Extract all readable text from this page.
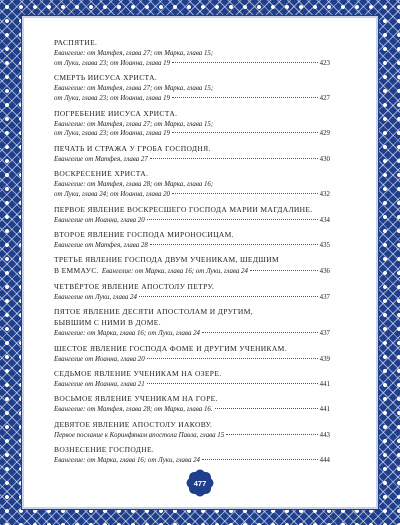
РАСПЯТИЕ.
Евангелие: от Матфея, глава 27; от Марка, глава 15;
от Луки, глава 23; от Иоанна, глава 19	423
СМЕРТЬ ИИСУСА ХРИСТА.
Евангелие: от Матфея, глава 27; от Марка, глава 15;
от Луки, глава 23; от Иоанна, глава 19	427
ПОГРЕБЕНИЕ ИИСУСА ХРИСТА.
Евангелие: от Матфея, глава 27; от Марка, глава 15;
от Луки, глава 23; от Иоанна, глава 19	429
ПЕЧАТЬ И СТРАЖА У ГРОБА ГОСПОДНЯ.
Евангелие от Матфея, глава 27	430
ВОСКРЕСЕНИЕ ХРИСТА.
Евангелие: от Матфея, глава 28; от Марка, глава 16;
от Луки, глава 24; от Иоанна, глава 20	432
ПЕРВОЕ ЯВЛЕНИЕ ВОСКРЕСШЕГО ГОСПОДА МАРИИ МАГДАЛИНЕ.
Евангелие от Иоанна, глава 20	434
ВТОРОЕ ЯВЛЕНИЕ ГОСПОДА МИРОНОСИЦАМ.
Евангелие от Матфея, глава 28	435
ТРЕТЬЕ ЯВЛЕНИЕ ГОСПОДА ДВУМ УЧЕНИКАМ, ШЕДШИМ
В ЕММАУС. Евангелие: от Марка, глава 16; от Луки, глава 24	436
ЧЕТВЁРТОЕ ЯВЛЕНИЕ АПОСТОЛУ ПЕТРУ.
Евангелие от Луки, глава 24	437
ПЯТОЕ ЯВЛЕНИЕ ДЕСЯТИ АПОСТОЛАМ И ДРУГИМ,
БЫВШИМ С НИМИ В ДОМЕ.
Евангелие: от Марка, глава 16; от Луки, глава 24	437
ШЕСТОЕ ЯВЛЕНИЕ ГОСПОДА ФОМЕ И ДРУГИМ УЧЕНИКАМ.
Евангелие от Иоанна, глава 20	439
СЕДЬМОЕ ЯВЛЕНИЕ УЧЕНИКАМ НА ОЗЕРЕ.
Евангелие от Иоанна, глава 21	441
ВОСЬМОЕ ЯВЛЕНИЕ УЧЕНИКАМ НА ГОРЕ.
Евангелие: от Матфея, глава 28; от Марка, глава 16.	441
ДЕВЯТОЕ ЯВЛЕНИЕ АПОСТОЛУ ИАКОВУ.
Первое послание к Коринфянам апостола Павла, глава 15	443
ВОЗНЕСЕНИЕ ГОСПОДНЕ.
Евангелие: от Марка, глава 16; от Луки, глава 24	444
477
